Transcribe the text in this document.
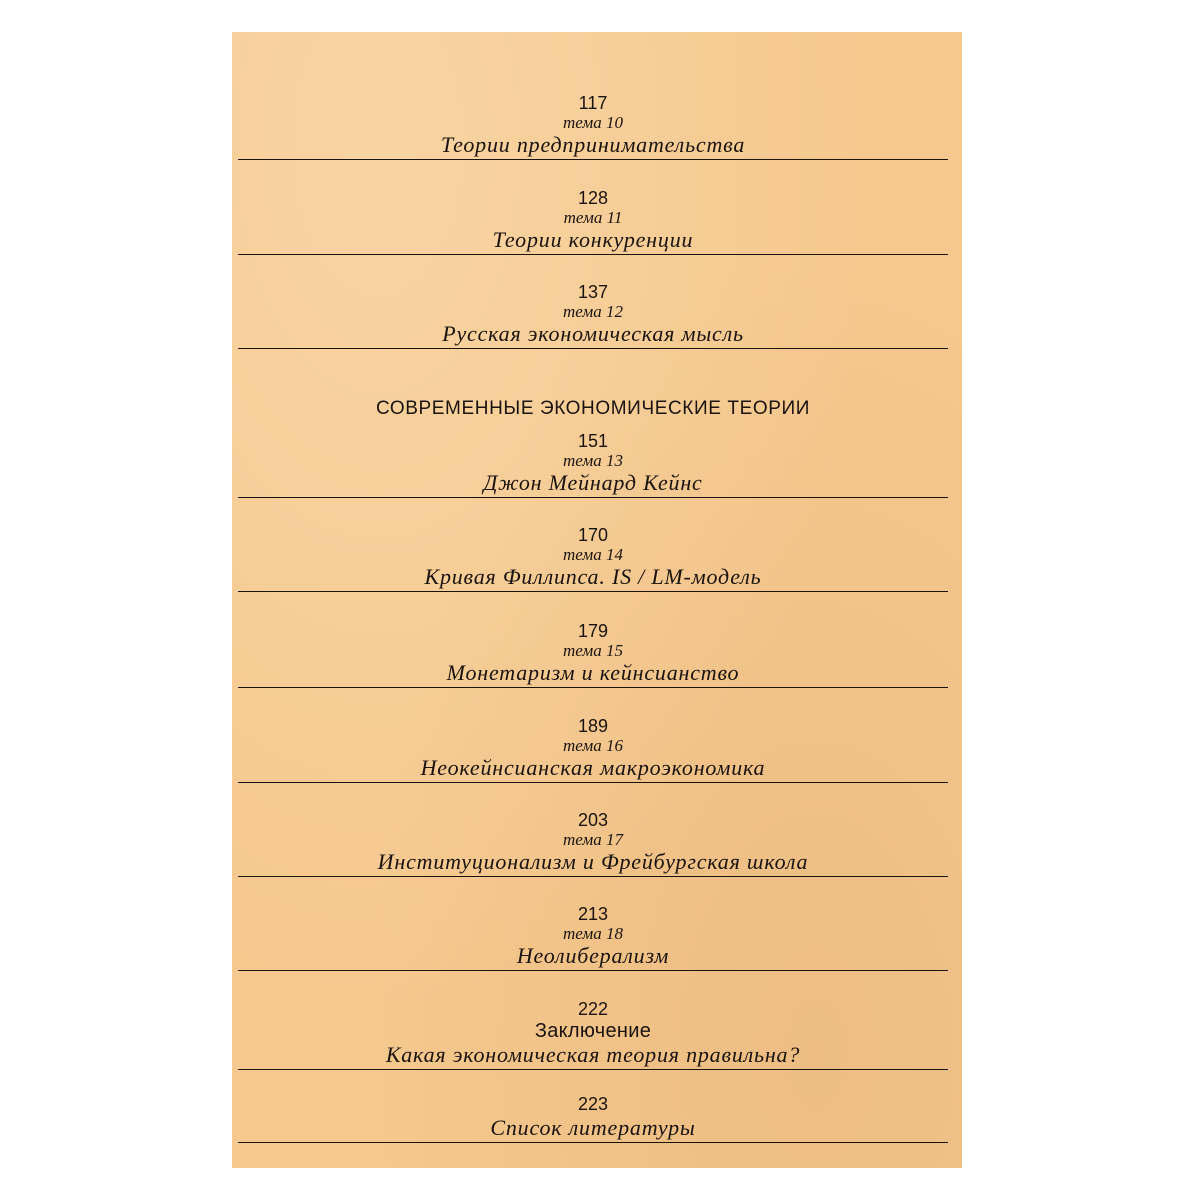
117
тема 10
Теории предпринимательства
128
тема 11
Теории конкуренции
137
тема 12
Русская экономическая мысль
СОВРЕМЕННЫЕ ЭКОНОМИЧЕСКИЕ ТЕОРИИ
151
тема 13
Джон Мейнард Кейнс
170
тема 14
Кривая Филлипса. IS / LM-модель
179
тема 15
Монетаризм и кейнсианство
189
тема 16
Неокейнсианская макроэкономика
203
тема 17
Институционализм и Фрейбургская школа
213
тема 18
Неолиберализм
222
Заключение
Какая экономическая теория правильна?
223
Список литературы
